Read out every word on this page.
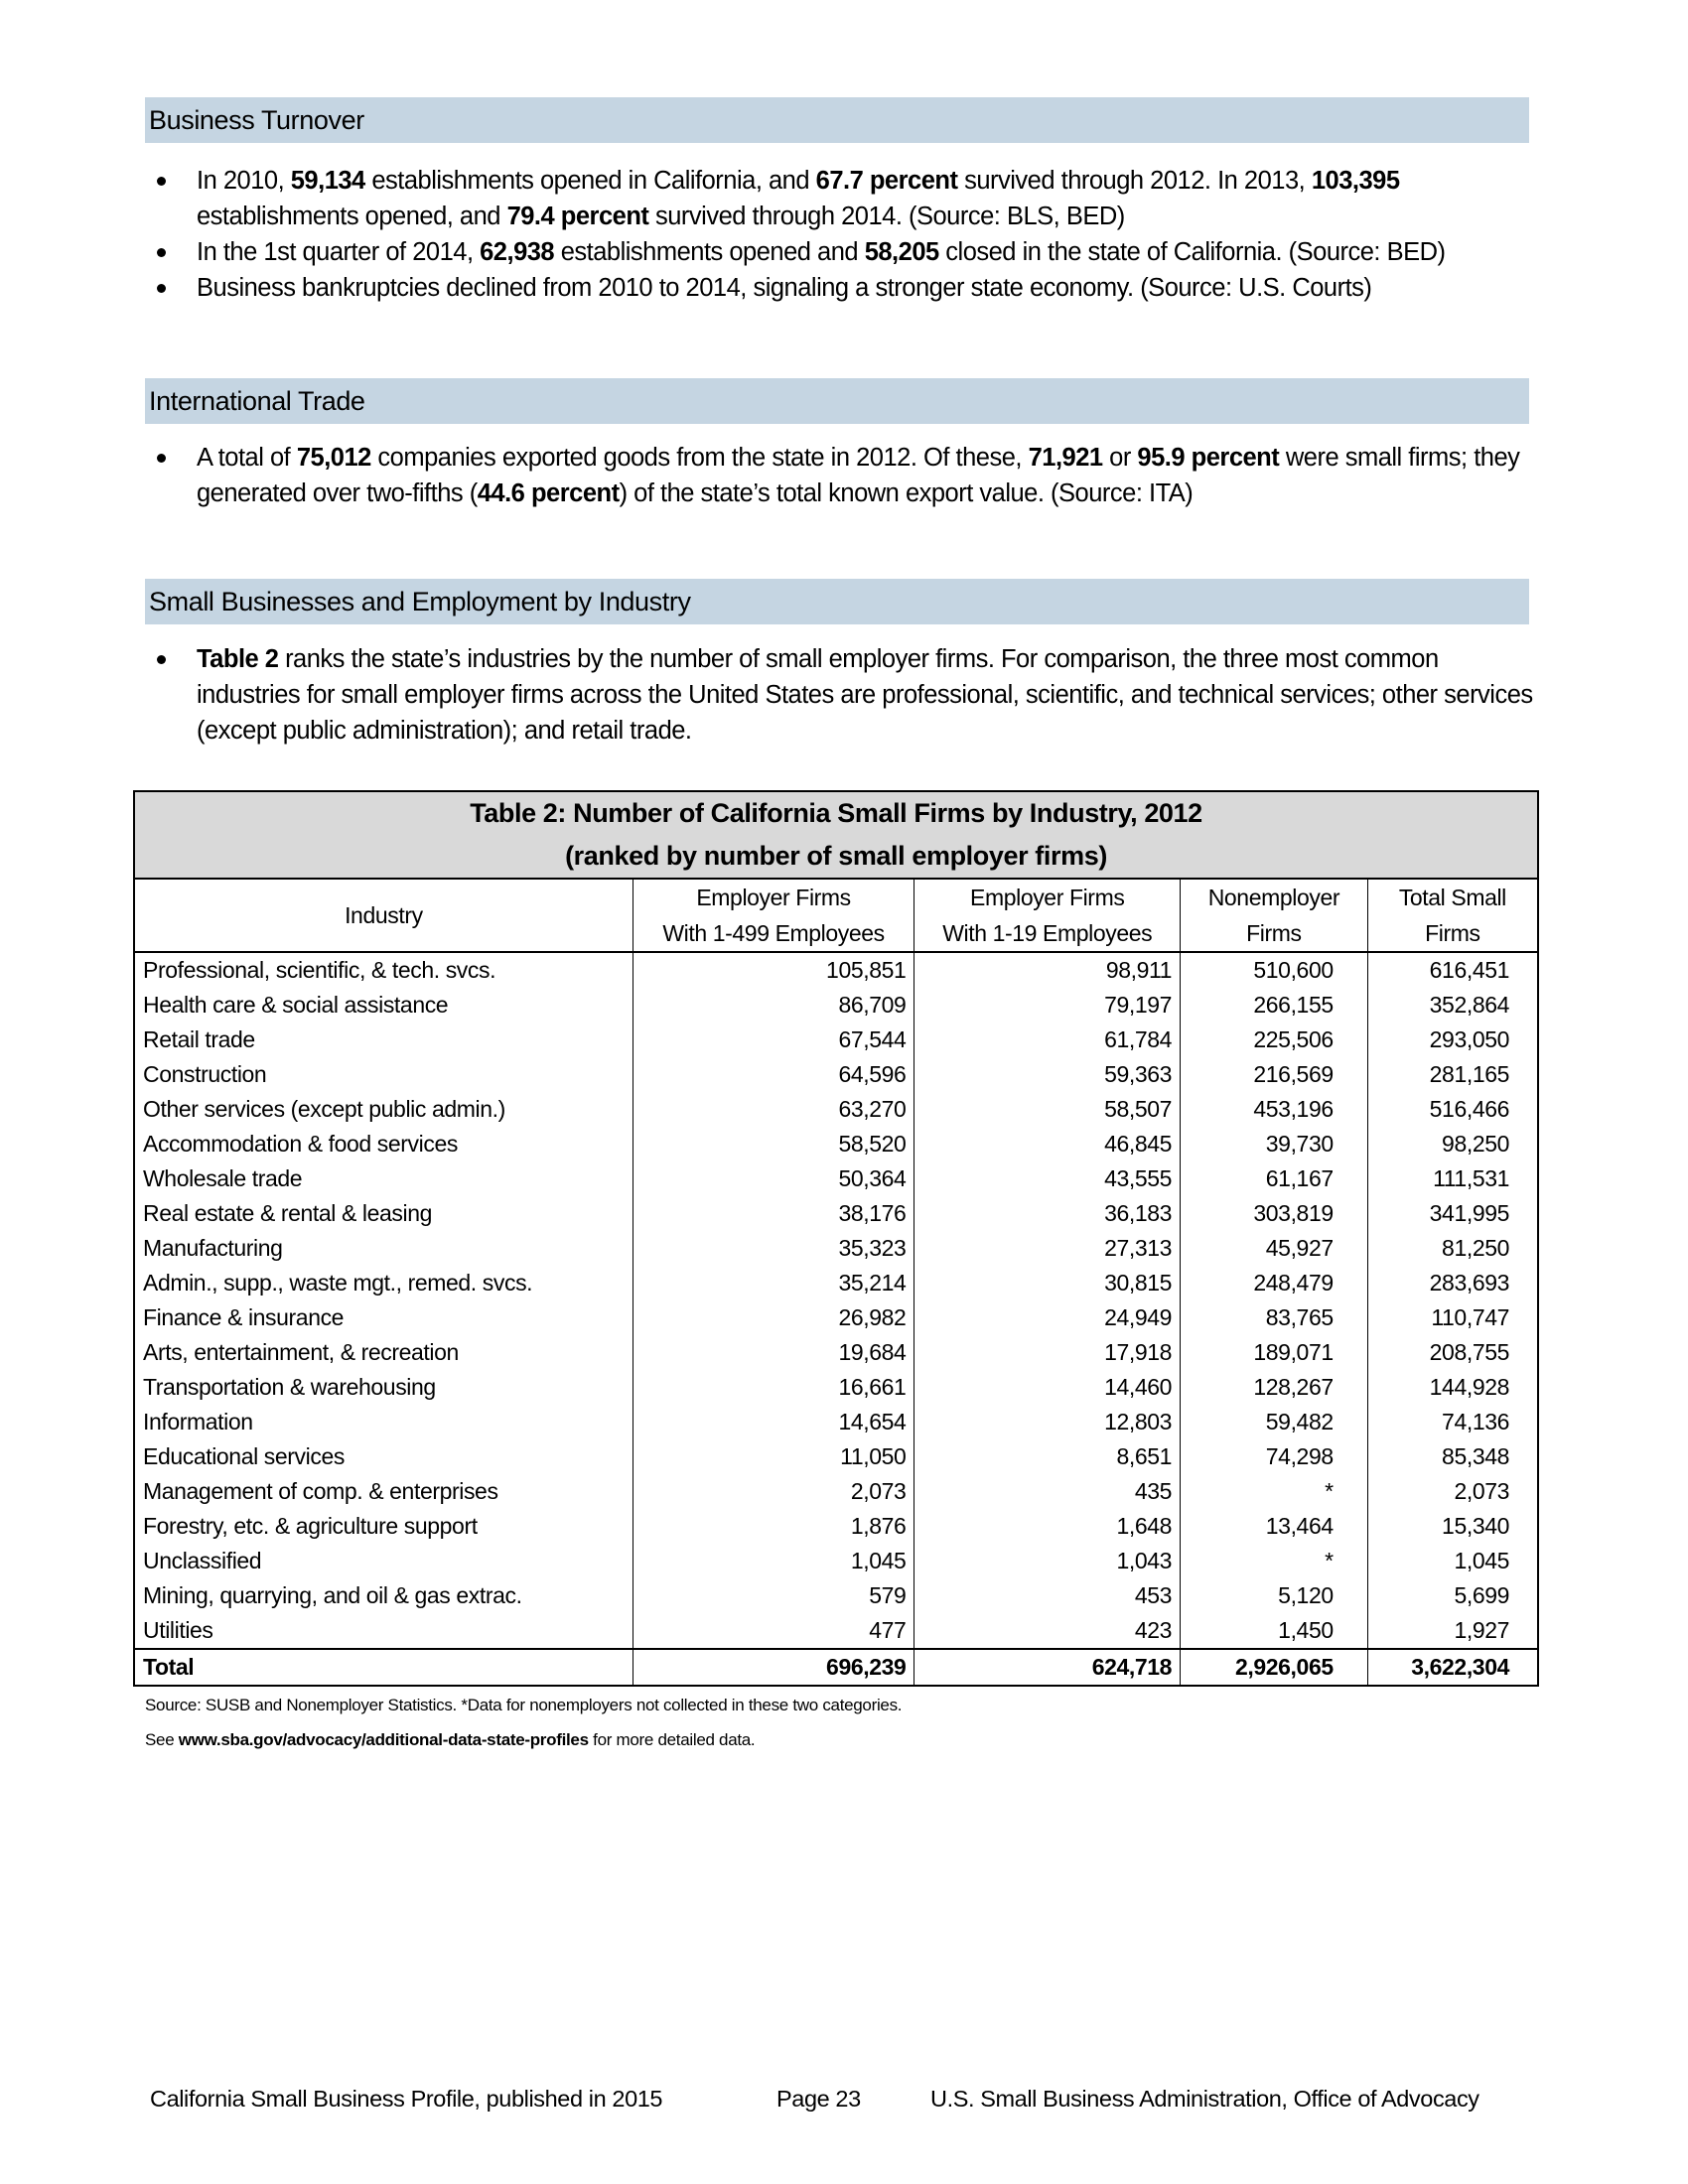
Business Turnover
In 2010, 59,134 establishments opened in California, and 67.7 percent survived through 2012. In 2013, 103,395 establishments opened, and 79.4 percent survived through 2014. (Source: BLS, BED)
In the 1st quarter of 2014, 62,938 establishments opened and 58,205 closed in the state of California. (Source: BED)
Business bankruptcies declined from 2010 to 2014, signaling a stronger state economy. (Source: U.S. Courts)
International Trade
A total of 75,012 companies exported goods from the state in 2012. Of these, 71,921 or 95.9 percent were small firms; they generated over two-fifths (44.6 percent) of the state’s total known export value. (Source: ITA)
Small Businesses and Employment by Industry
Table 2 ranks the state’s industries by the number of small employer firms. For comparison, the three most common industries for small employer firms across the United States are professional, scientific, and technical services; other services (except public administration); and retail trade.
Table 2: Number of California Small Firms by Industry, 2012
(ranked by number of small employer firms)				

Industry	
Employer Firms
With 1-499 Employees

Employer Firms
With 1-19 Employees

Nonemployer
Firms

Total Small
Firms

Professional, scientific, & tech. svcs.	105,851	98,911	510,600	616,451
Health care & social assistance	86,709	79,197	266,155	352,864
Retail trade	67,544	61,784	225,506	293,050
Construction	64,596	59,363	216,569	281,165
Other services (except public admin.)	63,270	58,507	453,196	516,466
Accommodation & food services	58,520	46,845	39,730	98,250
Wholesale trade	50,364	43,555	61,167	111,531
Real estate & rental & leasing	38,176	36,183	303,819	341,995
Manufacturing	35,323	27,313	45,927	81,250
Admin., supp., waste mgt., remed. svcs.	35,214	30,815	248,479	283,693
Finance & insurance	26,982	24,949	83,765	110,747
Arts, entertainment, & recreation	19,684	17,918	189,071	208,755
Transportation & warehousing	16,661	14,460	128,267	144,928
Information	14,654	12,803	59,482	74,136
Educational services	11,050	8,651	74,298	85,348
Management of comp. & enterprises	2,073	435	*	2,073
Forestry, etc. & agriculture support	1,876	1,648	13,464	15,340
Unclassified	1,045	1,043	*	1,045
Mining, quarrying, and oil & gas extrac.	579	453	5,120	5,699
Utilities	477	423	1,450	1,927
Total	696,239	624,718	2,926,065	3,622,304
Source: SUSB and Nonemployer Statistics. *Data for nonemployers not collected in these two categories.
See www.sba.gov/advocacy/additional-data-state-profiles for more detailed data.
California Small Business Profile, published in 2015	Page 23	U.S. Small Business Administration, Office of Advocacy
